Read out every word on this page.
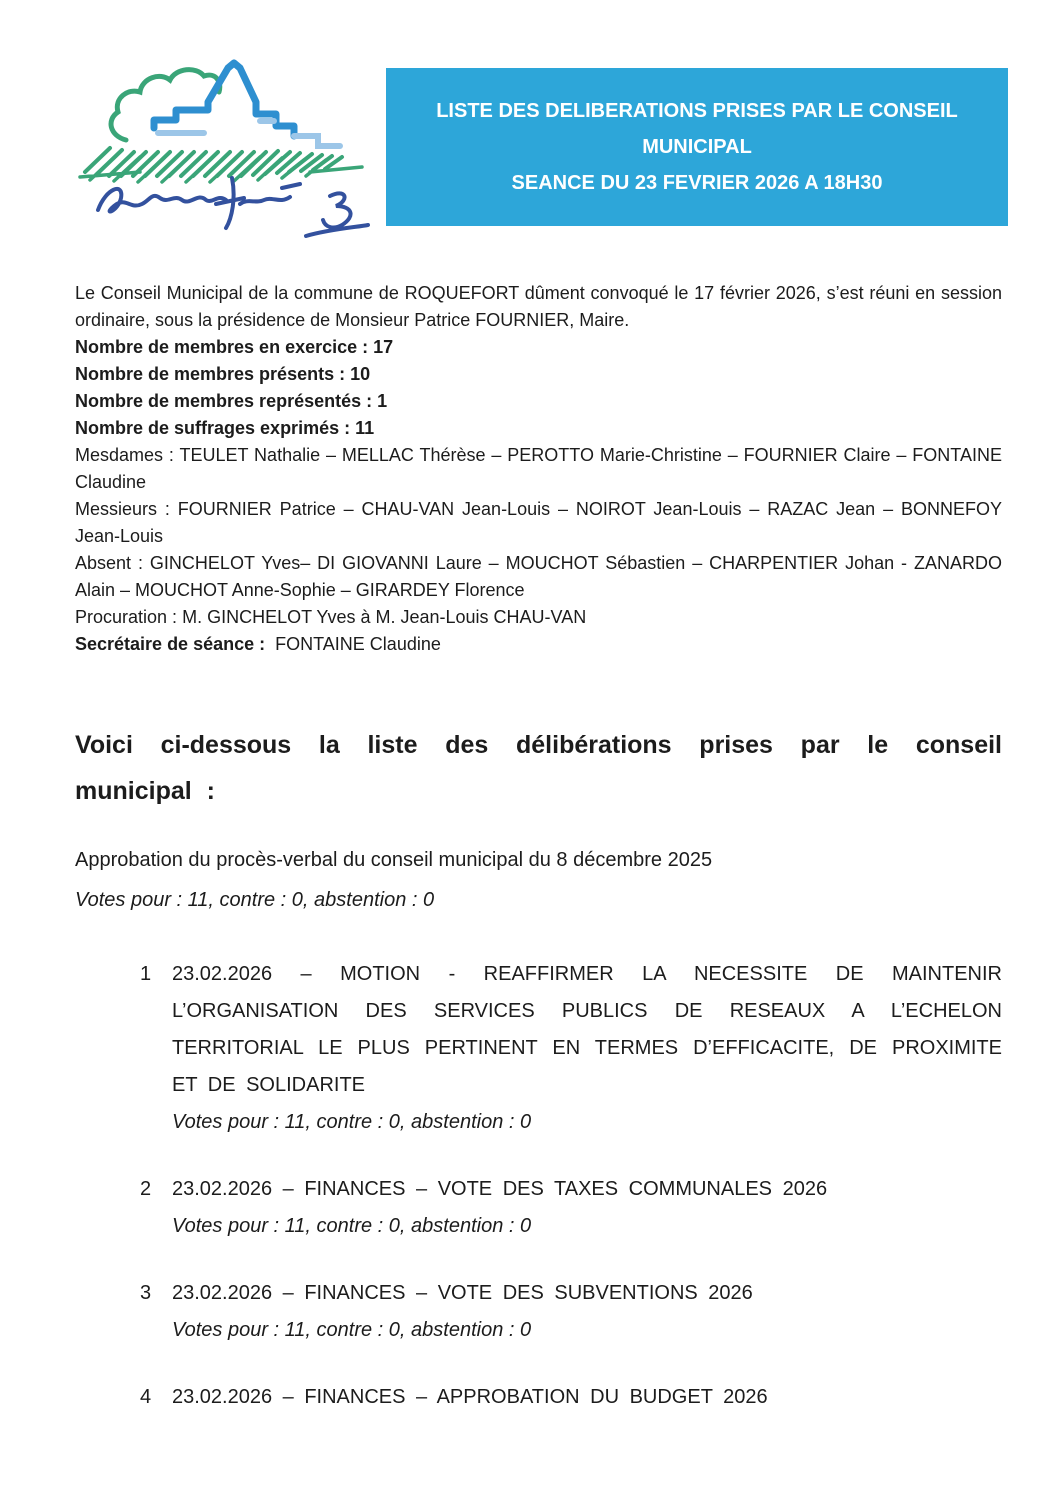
LISTE DES DELIBERATIONS PRISES PAR LE CONSEIL
MUNICIPAL
SEANCE DU 23 FEVRIER 2026 A 18H30

Le Conseil Municipal de la commune de ROQUEFORT dûment convoqué le 17 février 2026, s’est réuni en session ordinaire, sous la présidence de Monsieur Patrice FOURNIER, Maire.

Nombre de membres en exercice : 17

Nombre de membres présents : 10

Nombre de membres représentés : 1

Nombre de suffrages exprimés : 11

Mesdames : TEULET Nathalie – MELLAC Thérèse – PEROTTO Marie-Christine – FOURNIER Claire – FONTAINE Claudine

Messieurs : FOURNIER Patrice – CHAU-VAN Jean-Louis – NOIROT Jean-Louis – RAZAC Jean – BONNEFOY Jean-Louis

Absent : GINCHELOT Yves– DI GIOVANNI Laure – MOUCHOT Sébastien – CHARPENTIER Johan - ZANARDO Alain – MOUCHOT Anne-Sophie – GIRARDEY Florence

Procuration : M. GINCHELOT Yves à M. Jean-Louis CHAU-VAN

Secrétaire de séance : FONTAINE Claudine

Voici ci-dessous la liste des délibérations prises par le conseil municipal :

Approbation du procès-verbal du conseil municipal du 8 décembre 2025

Votes pour : 11, contre : 0, abstention : 0

1	23.02.2026 – MOTION - REAFFIRMER LA NECESSITE DE MAINTENIR L’ORGANISATION DES SERVICES PUBLICS DE RESEAUX A L’ECHELON TERRITORIAL LE PLUS PERTINENT EN TERMES D’EFFICACITE, DE PROXIMITE ET DE SOLIDARITE

Votes pour : 11, contre : 0, abstention : 0

2	23.02.2026 – FINANCES – VOTE DES TAXES COMMUNALES 2026

Votes pour : 11, contre : 0, abstention : 0

3	23.02.2026 – FINANCES – VOTE DES SUBVENTIONS 2026

Votes pour : 11, contre : 0, abstention : 0

4	23.02.2026 – FINANCES – APPROBATION DU BUDGET 2026
